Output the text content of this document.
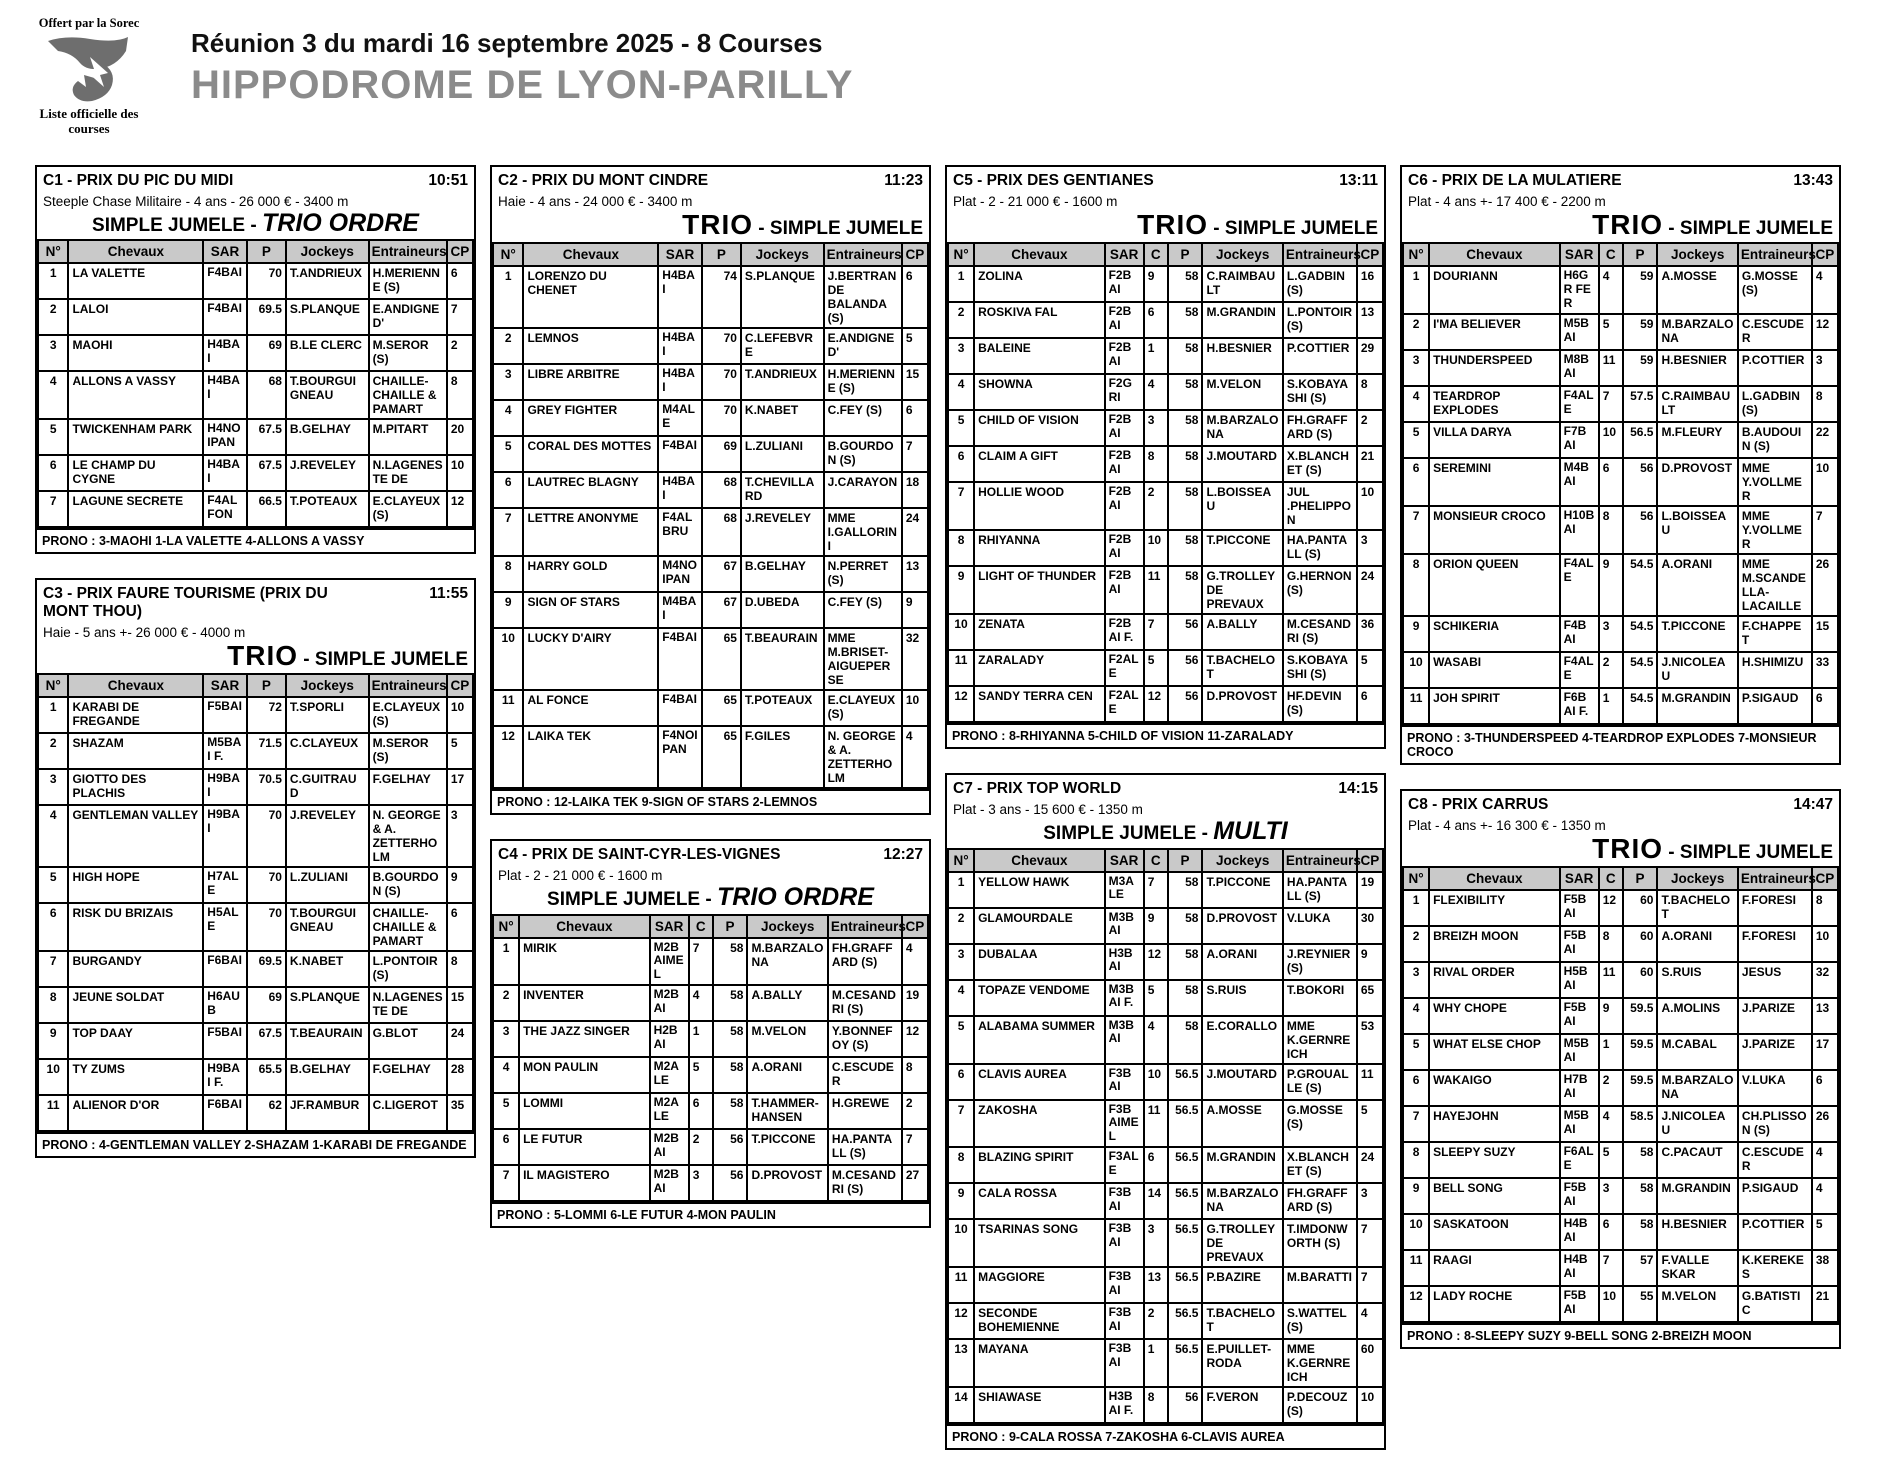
Offert par la Sorec
Liste officielle des courses
Réunion 3 du mardi 16 septembre 2025 - 8 Courses
HIPPODROME DE LYON-PARILLY
C1 - PRIX DU PIC DU MIDI	10:51
Steeple Chase Militaire - 4 ans - 26 000 € - 3400 m
SIMPLE JUMELE - TRIO ORDRE
N°	Chevaux	SAR	P	Jockeys	Entraineurs	CP
1	LA VALETTE	F4BAI	70	T.ANDRIEUX	H.MERIENNE (S)	6
2	LALOI	F4BAI	69.5	S.PLANQUE	E.ANDIGNE D'	7
3	MAOHI	H4BAI	69	B.LE CLERC	M.SEROR (S)	2
4	ALLONS A VASSY	H4BAI	68	T.BOURGUIGNEAU	CHAILLE-CHAILLE & PAMART	8
5	TWICKENHAM PARK	H4NOIPAN	67.5	B.GELHAY	M.PITART	20
6	LE CHAMP DU CYGNE	H4BAI	67.5	J.REVELEY	N.LAGENESTE DE	10
7	LAGUNE SECRETE	F4AL FON	66.5	T.POTEAUX	E.CLAYEUX (S)	12
PRONO : 3-MAOHI 1-LA VALETTE 4-ALLONS A VASSY
C3 - PRIX FAURE TOURISME (PRIX DU MONT THOU)
11:55
Haie - 5 ans +- 26 000 € - 4000 m
TRIO - SIMPLE JUMELE
N°	Chevaux	SAR	P	Jockeys	Entraineurs	CP
1	KARABI DE FREGANDE	F5BAI	72	T.SPORLI	E.CLAYEUX (S)	10
2	SHAZAM	M5BAI F.	71.5	C.CLAYEUX	M.SEROR (S)	5
3	GIOTTO DES PLACHIS	H9BAI	70.5	C.GUITRAUD	F.GELHAY	17
4	GENTLEMAN VALLEY	H9BAI	70	J.REVELEY	N. GEORGE & A. ZETTERHOLM	3
5	HIGH HOPE	H7ALE	70	L.ZULIANI	B.GOURDON (S)	9
6	RISK DU BRIZAIS	H5ALE	70	T.BOURGUIGNEAU	CHAILLE-CHAILLE & PAMART	6
7	BURGANDY	F6BAI	69.5	K.NABET	L.PONTOIR (S)	8
8	JEUNE SOLDAT	H6AUB	69	S.PLANQUE	N.LAGENESTE DE	15
9	TOP DAAY	F5BAI	67.5	T.BEAURAIN	G.BLOT	24
10	TY ZUMS	H9BAI F.	65.5	B.GELHAY	F.GELHAY	28
11	ALIENOR D'OR	F6BAI	62	JF.RAMBUR	C.LIGEROT	35
PRONO : 4-GENTLEMAN VALLEY 2-SHAZAM 1-KARABI DE FREGANDE
C2 - PRIX DU MONT CINDRE	11:23
Haie - 4 ans - 24 000 € - 3400 m
TRIO - SIMPLE JUMELE
N°	Chevaux	SAR	P	Jockeys	Entraineurs	CP
1	LORENZO DU CHENET	H4BAI	74	S.PLANQUE	J.BERTRAN DE BALANDA (S)	6
2	LEMNOS	H4BAI	70	C.LEFEBVRE	E.ANDIGNE D'	5
3	LIBRE ARBITRE	H4BAI	70	T.ANDRIEUX	H.MERIENNE (S)	15
4	GREY FIGHTER	M4ALE	70	K.NABET	C.FEY (S)	6
5	CORAL DES MOTTES	F4BAI	69	L.ZULIANI	B.GOURDON (S)	7
6	LAUTREC BLAGNY	H4BAI	68	T.CHEVILLARD	J.CARAYON	18
7	LETTRE ANONYME	F4AL BRU	68	J.REVELEY	MME I.GALLORINI	24
8	HARRY GOLD	M4NOIPAN	67	B.GELHAY	N.PERRET (S)	13
9	SIGN OF STARS	M4BAI	67	D.UBEDA	C.FEY (S)	9
10	LUCKY D'AIRY	F4BAI	65	T.BEAURAIN	MME M.BRISET-AIGUEPERSE	32
11	AL FONCE	F4BAI	65	T.POTEAUX	E.CLAYEUX (S)	10
12	LAIKA TEK	F4NOIPAN	65	F.GILES	N. GEORGE & A. ZETTERHOLM	4
PRONO : 12-LAIKA TEK 9-SIGN OF STARS 2-LEMNOS
C4 - PRIX DE SAINT-CYR-LES-VIGNES	12:27
Plat - 2 - 21 000 € - 1600 m
SIMPLE JUMELE - TRIO ORDRE
N°	Chevaux	SAR	C	P	Jockeys	Entraineurs	CP
1	MIRIK	M2BAIMEL	7	58	M.BARZALONA	FH.GRAFFARD (S)	4
2	INVENTER	M2BAI	4	58	A.BALLY	M.CESANDRI (S)	19
3	THE JAZZ SINGER	H2BAI	1	58	M.VELON	Y.BONNEFOY (S)	12
4	MON PAULIN	M2ALE	5	58	A.ORANI	C.ESCUDER	8
5	LOMMI	M2ALE	6	58	T.HAMMER-HANSEN	H.GREWE	2
6	LE FUTUR	M2BAI	2	56	T.PICCONE	HA.PANTALL (S)	7
7	IL MAGISTERO	M2BAI	3	56	D.PROVOST	M.CESANDRI (S)	27
PRONO : 5-LOMMI 6-LE FUTUR 4-MON PAULIN
C5 - PRIX DES GENTIANES	13:11
Plat - 2 - 21 000 € - 1600 m
TRIO - SIMPLE JUMELE
N°	Chevaux	SAR	C	P	Jockeys	Entraineurs	CP
1	ZOLINA	F2BAI	9	58	C.RAIMBAULT	L.GADBIN (S)	16
2	ROSKIVA FAL	F2BAI	6	58	M.GRANDIN	L.PONTOIR (S)	13
3	BALEINE	F2BAI	1	58	H.BESNIER	P.COTTIER	29
4	SHOWNA	F2GRI	4	58	M.VELON	S.KOBAYASHI (S)	8
5	CHILD OF VISION	F2BAI	3	58	M.BARZALONA	FH.GRAFFARD (S)	2
6	CLAIM A GIFT	F2BAI	8	58	J.MOUTARD	X.BLANCHET (S)	21
7	HOLLIE WOOD	F2BAI	2	58	L.BOISSEAU	JUL .PHELIPPON	10
8	RHIYANNA	F2BAI	10	58	T.PICCONE	HA.PANTALL (S)	3
9	LIGHT OF THUNDER	F2BAI	11	58	G.TROLLEY DE PREVAUX	G.HERNON (S)	24
10	ZENATA	F2BAI F.	7	56	A.BALLY	M.CESANDRI (S)	36
11	ZARALADY	F2ALE	5	56	T.BACHELOT	S.KOBAYASHI (S)	5
12	SANDY TERRA CEN	F2ALE	12	56	D.PROVOST	HF.DEVIN (S)	6
PRONO : 8-RHIYANNA 5-CHILD OF VISION 11-ZARALADY
C7 - PRIX TOP WORLD	14:15
Plat - 3 ans - 15 600 € - 1350 m
SIMPLE JUMELE - MULTI
N°	Chevaux	SAR	C	P	Jockeys	Entraineurs	CP
1	YELLOW HAWK	M3ALE	7	58	T.PICCONE	HA.PANTALL (S)	19
2	GLAMOURDALE	M3BAI	9	58	D.PROVOST	V.LUKA	30
3	DUBALAA	H3BAI	12	58	A.ORANI	J.REYNIER (S)	9
4	TOPAZE VENDOME	M3BAI F.	5	58	S.RUIS	T.BOKORI	65
5	ALABAMA SUMMER	M3BAI	4	58	E.CORALLO	MME K.GERNREICH	53
6	CLAVIS AUREA	F3BAI	10	56.5	J.MOUTARD	P.GROUALLE (S)	11
7	ZAKOSHA	F3BAIMEL	11	56.5	A.MOSSE	G.MOSSE (S)	5
8	BLAZING SPIRIT	F3ALE	6	56.5	M.GRANDIN	X.BLANCHET (S)	24
9	CALA ROSSA	F3BAI	14	56.5	M.BARZALONA	FH.GRAFFARD (S)	3
10	TSARINAS SONG	F3BAI	3	56.5	G.TROLLEY DE PREVAUX	T.IMDONWORTH (S)	7
11	MAGGIORE	F3BAI	13	56.5	P.BAZIRE	M.BARATTI	7
12	SECONDE BOHEMIENNE	F3BAI	2	56.5	T.BACHELOT	S.WATTEL (S)	4
13	MAYANA	F3BAI	1	56.5	E.PUILLET-RODA	MME K.GERNREICH	60
14	SHIAWASE	H3BAI F.	8	56	F.VERON	P.DECOUZ (S)	10
PRONO : 9-CALA ROSSA 7-ZAKOSHA 6-CLAVIS AUREA
C6 - PRIX DE LA MULATIERE	13:43
Plat - 4 ans +- 17 400 € - 2200 m
TRIO - SIMPLE JUMELE
N°	Chevaux	SAR	C	P	Jockeys	Entraineurs	CP
1	DOURIANN	H6GR FER	4	59	A.MOSSE	G.MOSSE (S)	4
2	I'MA BELIEVER	M5BAI	5	59	M.BARZALONA	C.ESCUDER	12
3	THUNDERSPEED	M8BAI	11	59	H.BESNIER	P.COTTIER	3
4	TEARDROP EXPLODES	F4ALE	7	57.5	C.RAIMBAULT	L.GADBIN (S)	8
5	VILLA DARYA	F7BAI	10	56.5	M.FLEURY	B.AUDOUIN (S)	22
6	SEREMINI	M4BAI	6	56	D.PROVOST	MME Y.VOLLMER	10
7	MONSIEUR CROCO	H10BAI	8	56	L.BOISSEAU	MME Y.VOLLMER	7
8	ORION QUEEN	F4ALE	9	54.5	A.ORANI	MME M.SCANDELLA-LACAILLE	26
9	SCHIKERIA	F4BAI	3	54.5	T.PICCONE	F.CHAPPET	15
10	WASABI	F4ALE	2	54.5	J.NICOLEAU	H.SHIMIZU	33
11	JOH SPIRIT	F6BAI F.	1	54.5	M.GRANDIN	P.SIGAUD	6
PRONO : 3-THUNDERSPEED 4-TEARDROP EXPLODES 7-MONSIEUR CROCO
C8 - PRIX CARRUS	14:47
Plat - 4 ans +- 16 300 € - 1350 m
TRIO - SIMPLE JUMELE
N°	Chevaux	SAR	C	P	Jockeys	Entraineurs	CP
1	FLEXIBILITY	F5BAI	12	60	T.BACHELOT	F.FORESI	8
2	BREIZH MOON	F5BAI	8	60	A.ORANI	F.FORESI	10
3	RIVAL ORDER	H5BAI	11	60	S.RUIS	JESUS	32
4	WHY CHOPE	F5BAI	9	59.5	A.MOLINS	J.PARIZE	13
5	WHAT ELSE CHOP	M5BAI	1	59.5	M.CABAL	J.PARIZE	17
6	WAKAIGO	H7BAI	2	59.5	M.BARZALONA	V.LUKA	6
7	HAYEJOHN	M5BAI	4	58.5	J.NICOLEAU	CH.PLISSON (S)	26
8	SLEEPY SUZY	F6ALE	5	58	C.PACAUT	C.ESCUDER	4
9	BELL SONG	F5BAI	3	58	M.GRANDIN	P.SIGAUD	4
10	SASKATOON	H4BAI	6	58	H.BESNIER	P.COTTIER	5
11	RAAGI	H4BAI	7	57	F.VALLE SKAR	K.KEREKES	38
12	LADY ROCHE	F5BAI	10	55	M.VELON	G.BATISTIC	21
PRONO : 8-SLEEPY SUZY 9-BELL SONG 2-BREIZH MOON
